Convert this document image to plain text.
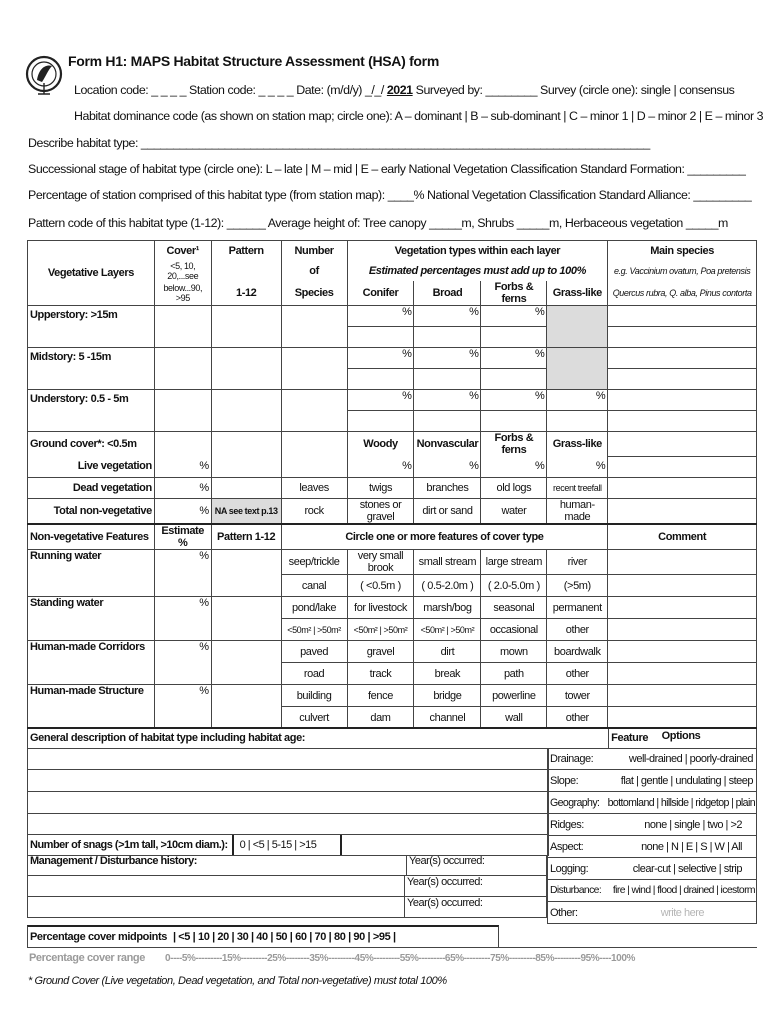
Form H1: MAPS Habitat Structure Assessment (HSA) form
Location code: _ _ _ _ Station code: _ _ _ _ Date: (m/d/y) _/_/ 2021 Surveyed by: ________ Survey (circle one): single | consensus
Habitat dominance code (as shown on station map; circle one): A – dominant | B – sub-dominant | C – minor 1 | D – minor 2 | E – minor 3
Describe habitat type: _______________________________________________________________________________
Successional stage of habitat type (circle one): L – late | M – mid | E – early National Vegetation Classification Standard Formation: _________
Percentage of station comprised of this habitat type (from station map): ____% National Vegetation Classification Standard Alliance: _________
Pattern code of this habitat type (1-12): ______ Average height of: Tree canopy _____m, Shrubs _____m, Herbaceous vegetation _____m
Vegetative Layers	Cover¹	Pattern	Number	Vegetation types within each layer				Main species
	<5, 10, 20,...see		of	Estimated percentages must add up to 100%				e.g. Vaccinium ovatum, Poa pretensis
	below...90, >95	1-12	Species	Conifer	Broad	Forbs & ferns	Grass-like	Quercus rubra, Q. alba, Pinus contorta
Upperstory: >15m				%	%	%		

Midstory: 5 -15m				%	%	%		

Understory: 0.5 - 5m				%	%	%	%	

Ground cover*: <0.5m				Woody	Nonvascular	Forbs & ferns	Grass-like	
Live vegetation	%			%	%	%	%	
Dead vegetation	%		leaves	twigs	branches	old logs	recent treefall	
Total non-vegetative	%	NA see text p.13	rock	stones or gravel	dirt or sand	water	human-made	
Non-vegetative Features	Estimate %	Pattern 1-12	Circle one or more features of cover type					Comment
Running water	%		seep/trickle	very small brook	small stream	large stream	river	
			canal	( <0.5m )	( 0.5-2.0m )	( 2.0-5.0m )	(>5m)	
Standing water	%		pond/lake	for livestock	marsh/bog	seasonal	permanent	
			<50m² | >50m²	<50m² | >50m²	<50m² | >50m²	occasional	other	
Human-made Corridors	%		paved	gravel	dirt	mown	boardwalk	
			road	track	break	path	other	
Human-made Structure	%		building	fence	bridge	powerline	tower	
			culvert	dam	channel	wall	other	
General description of habitat type including habitat age:	Feature Options
Drainage:	well-drained | poorly-drained
Slope:	flat | gentle | undulating | steep
Geography: bottomland | hillside | ridgetop | plain
Ridges:	none | single | two | >2
Aspect:	none | N | E | S | W | All
Logging:	clear-cut | selective | strip
Disturbance:	fire | wind | flood | drained | icestorm
Other:	write here
Number of snags (>1m tall, >10cm diam.):	0 | <5 | 5-15 | >15
Management / Disturbance history:	Year(s) occurred:
Year(s) occurred:
Year(s) occurred:
Percentage cover midpoints | <5 | 10 | 20 | 30 | 40 | 50 | 60 | 70 | 80 | 90 | >95 |
Percentage cover range	0----5%---------15%---------25%--------35%---------45%---------55%---------65%---------75%---------85%---------95%----100%
* Ground Cover (Live vegetation, Dead vegetation, and Total non-vegetative) must total 100%
